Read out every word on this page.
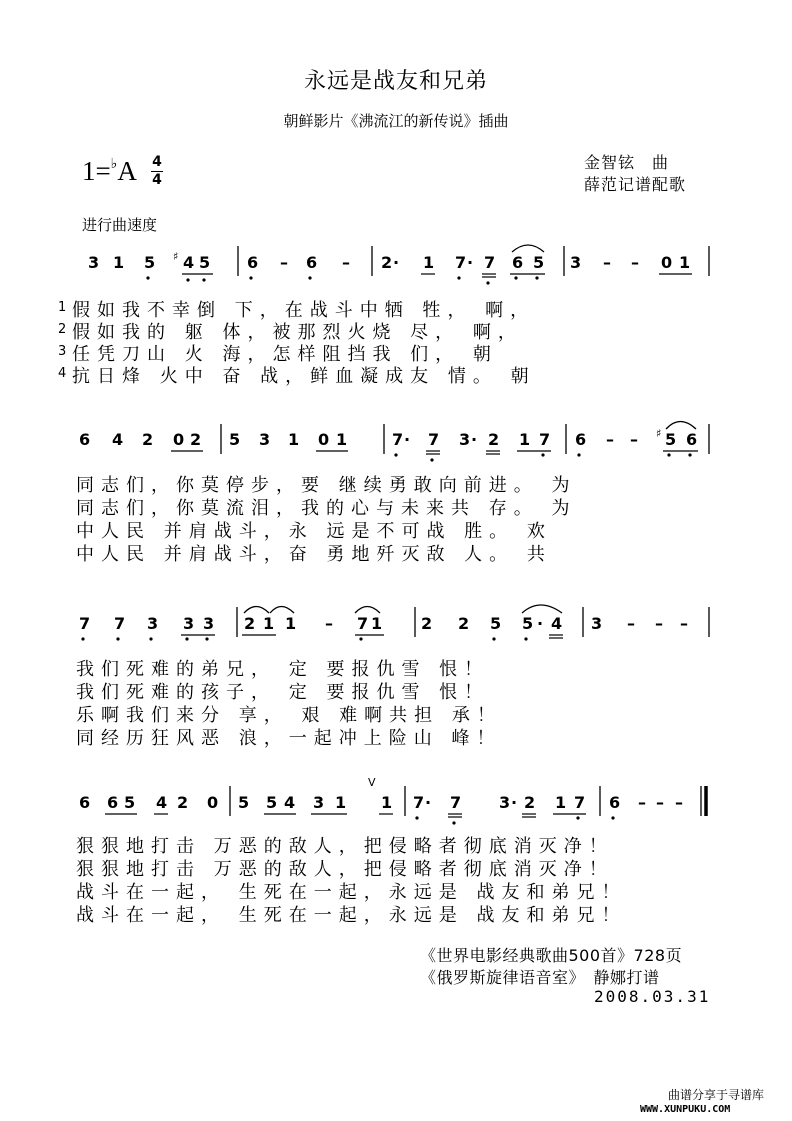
永远是战友和兄弟
朝鲜影片《沸流江的新传说》插曲
1=♭A 4
4
金智铉　曲
薛范记谱配歌
进行曲速度
3 1 5 ♯ 4 5 6 – 6 – 2 · 1 7 · 7 6 5 3 – – 0 1
6 4 2 0 2 5 3 1 0 1	7 · 7 3 · 2 1 7 6 – – ♯ 5 6
7 7 3 3 3 2 1 1 – 7 1 2 2 5 5 · 4 3 – – –
6 6 5 4 2 0 5 5 4 3 1
V
1 7 · 7 3 · 2 1 7 6 – – –
1 假如我不幸倒 下，在战斗中牺 牲， 啊，
2 假如我的 躯 体，被那烈火烧 尽， 啊，
3 任凭刀山 火 海，怎样阻挡我 们， 朝
4 抗日烽 火中 奋 战，鲜血凝成友 情。 朝
同志们，你莫停步，要 继续勇敢向前进。 为
同志们，你莫流泪，我的心与未来共 存。 为
中人民 并肩战斗，永 远是不可战 胜。 欢
中人民 并肩战斗，奋 勇地歼灭敌 人。 共
我们死难的弟兄， 定 要报仇雪 恨！
我们死难的孩子， 定 要报仇雪 恨！
乐啊我们来分 享， 艰 难啊共担 承！
同经历狂风恶 浪，一起冲上险山 峰！
狠狠地打击 万恶的敌人，把侵略者彻底消灭净！
狠狠地打击 万恶的敌人，把侵略者彻底消灭净！
战斗在一起， 生死在一起，永远是 战友和弟兄！
战斗在一起， 生死在一起，永远是 战友和弟兄！
《世界电影经典歌曲500首》728页
《俄罗斯旋律语音室》　静娜打谱
2008.03.31
曲谱分享于寻谱库
WWW.XUNPUKU.COM
